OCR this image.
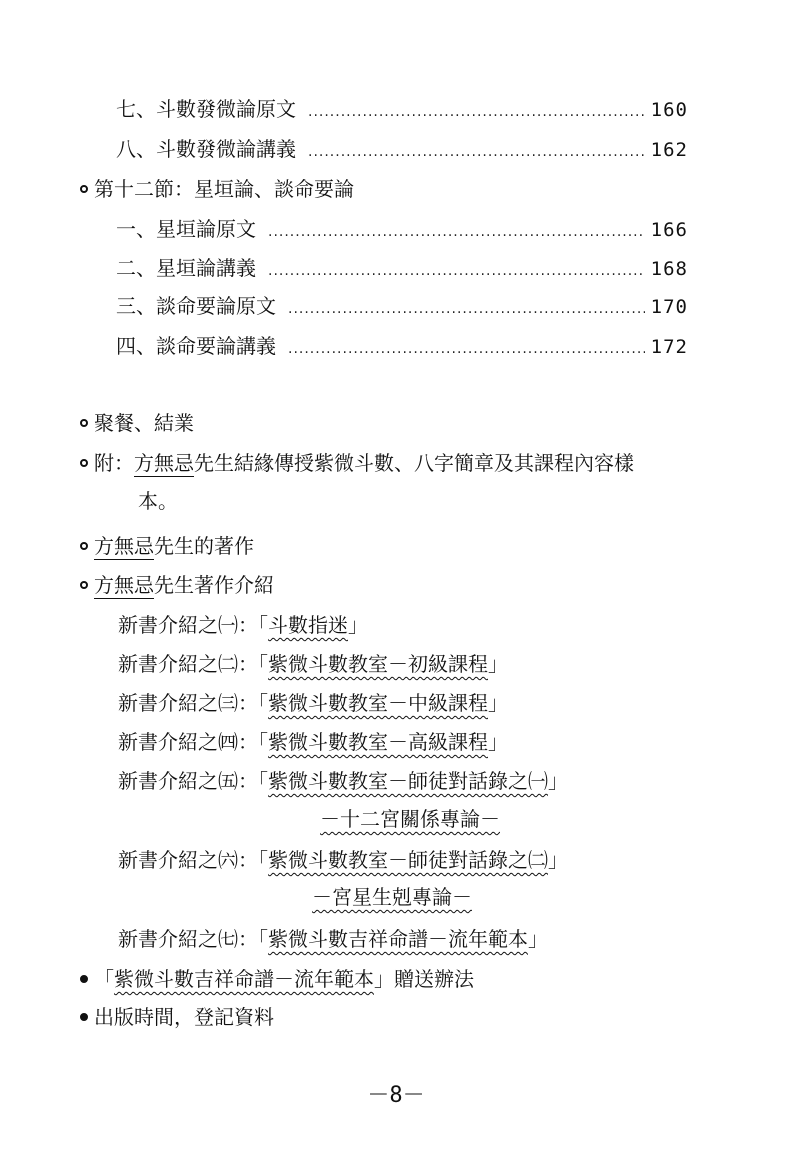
七、斗數發微論原文 .....	160
八、斗數發微論講義 .....	162
第十二節：星垣論、談命要論
一、星垣論原文 .....	166
二、星垣論講義 .....	168
三、談命要論原文 .....	170
四、談命要論講義 .....	172
聚餐、結業
附：方無忌先生結緣傳授紫微斗數、八字簡章及其課程內容樣
本。
方無忌先生的著作
方無忌先生著作介紹
新書介紹之㈠：「斗數指迷」
新書介紹之㈡：「紫微斗數教室－初級課程」
新書介紹之㈢：「紫微斗數教室－中級課程」
新書介紹之㈣：「紫微斗數教室－高級課程」
新書介紹之㈤：「紫微斗數教室－師徒對話錄之㈠」
－十二宮關係專論－
新書介紹之㈥：「紫微斗數教室－師徒對話錄之㈡」
－宮星生剋專論－
新書介紹之㈦：「紫微斗數吉祥命譜－流年範本」
「紫微斗數吉祥命譜－流年範本」贈送辦法
出版時間，登記資料
－8－
